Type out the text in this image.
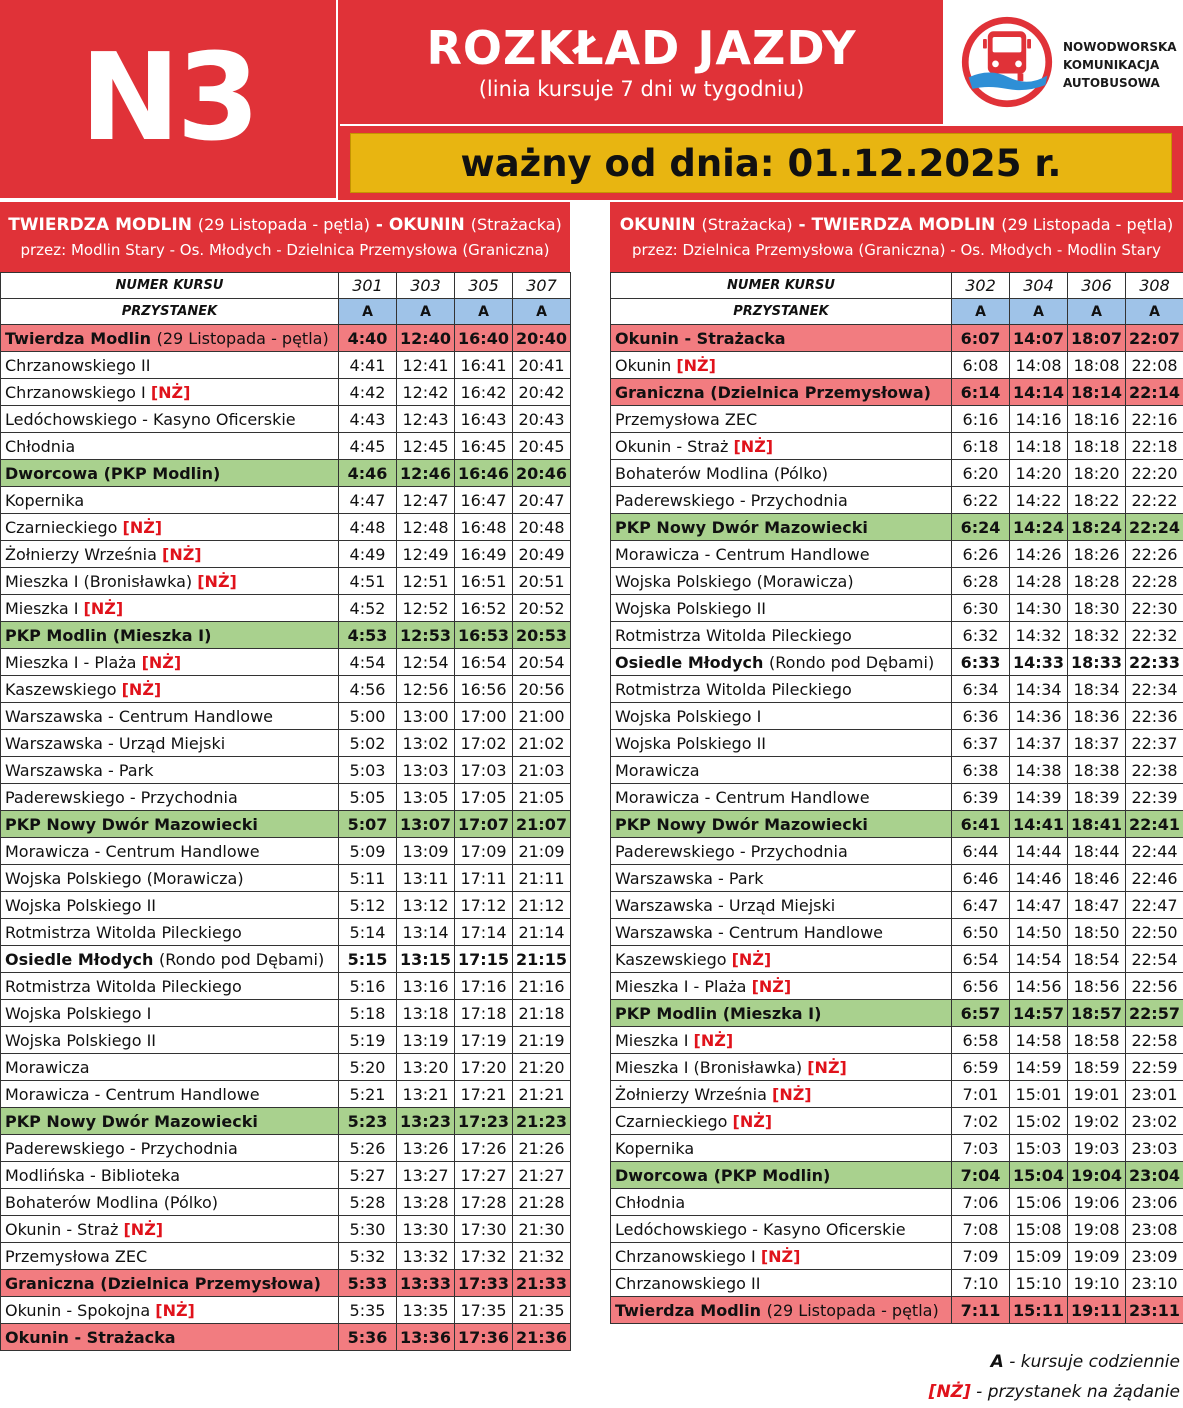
N3	ROZKŁAD JAZDY
(linia kursuje 7 dni w tygodniu)
NOWODWORSKA
KOMUNIKACJA
AUTOBUSOWA
ważny od dnia: 01.12.2025 r.
TWIERDZA MODLIN (29 Listopada - pętla) - OKUNIN (Strażacka)
przez: Modlin Stary - Os. Młodych - Dzielnica Przemysłowa (Graniczna)
OKUNIN (Strażacka) - TWIERDZA MODLIN (29 Listopada - pętla)
przez: Dzielnica Przemysłowa (Graniczna) - Os. Młodych - Modlin Stary
NUMER KURSU	301	303	305	307
PRZYSTANEK	A	A	A	A
Twierdza Modlin (29 Listopada - pętla)	4:40	12:40	16:40	20:40
Chrzanowskiego II	4:41	12:41	16:41	20:41
Chrzanowskiego I [NŻ]	4:42	12:42	16:42	20:42
Ledóchowskiego - Kasyno Oficerskie	4:43	12:43	16:43	20:43
Chłodnia	4:45	12:45	16:45	20:45
Dworcowa (PKP Modlin)	4:46	12:46	16:46	20:46
Kopernika	4:47	12:47	16:47	20:47
Czarnieckiego [NŻ]	4:48	12:48	16:48	20:48
Żołnierzy Września [NŻ]	4:49	12:49	16:49	20:49
Mieszka I (Bronisławka) [NŻ]	4:51	12:51	16:51	20:51
Mieszka I [NŻ]	4:52	12:52	16:52	20:52
PKP Modlin (Mieszka I)	4:53	12:53	16:53	20:53
Mieszka I - Plaża [NŻ]	4:54	12:54	16:54	20:54
Kaszewskiego [NŻ]	4:56	12:56	16:56	20:56
Warszawska - Centrum Handlowe	5:00	13:00	17:00	21:00
Warszawska - Urząd Miejski	5:02	13:02	17:02	21:02
Warszawska - Park	5:03	13:03	17:03	21:03
Paderewskiego - Przychodnia	5:05	13:05	17:05	21:05
PKP Nowy Dwór Mazowiecki	5:07	13:07	17:07	21:07
Morawicza - Centrum Handlowe	5:09	13:09	17:09	21:09
Wojska Polskiego (Morawicza)	5:11	13:11	17:11	21:11
Wojska Polskiego II	5:12	13:12	17:12	21:12
Rotmistrza Witolda Pileckiego	5:14	13:14	17:14	21:14
Osiedle Młodych (Rondo pod Dębami)	5:15	13:15	17:15	21:15
Rotmistrza Witolda Pileckiego	5:16	13:16	17:16	21:16
Wojska Polskiego I	5:18	13:18	17:18	21:18
Wojska Polskiego II	5:19	13:19	17:19	21:19
Morawicza	5:20	13:20	17:20	21:20
Morawicza - Centrum Handlowe	5:21	13:21	17:21	21:21
PKP Nowy Dwór Mazowiecki	5:23	13:23	17:23	21:23
Paderewskiego - Przychodnia	5:26	13:26	17:26	21:26
Modlińska - Biblioteka	5:27	13:27	17:27	21:27
Bohaterów Modlina (Pólko)	5:28	13:28	17:28	21:28
Okunin - Straż [NŻ]	5:30	13:30	17:30	21:30
Przemysłowa ZEC	5:32	13:32	17:32	21:32
Graniczna (Dzielnica Przemysłowa)	5:33	13:33	17:33	21:33
Okunin - Spokojna [NŻ]	5:35	13:35	17:35	21:35
Okunin - Strażacka	5:36	13:36	17:36	21:36
NUMER KURSU	302	304	306	308
PRZYSTANEK	A	A	A	A
Okunin - Strażacka	6:07	14:07	18:07	22:07
Okunin [NŻ]	6:08	14:08	18:08	22:08
Graniczna (Dzielnica Przemysłowa)	6:14	14:14	18:14	22:14
Przemysłowa ZEC	6:16	14:16	18:16	22:16
Okunin - Straż [NŻ]	6:18	14:18	18:18	22:18
Bohaterów Modlina (Pólko)	6:20	14:20	18:20	22:20
Paderewskiego - Przychodnia	6:22	14:22	18:22	22:22
PKP Nowy Dwór Mazowiecki	6:24	14:24	18:24	22:24
Morawicza - Centrum Handlowe	6:26	14:26	18:26	22:26
Wojska Polskiego (Morawicza)	6:28	14:28	18:28	22:28
Wojska Polskiego II	6:30	14:30	18:30	22:30
Rotmistrza Witolda Pileckiego	6:32	14:32	18:32	22:32
Osiedle Młodych (Rondo pod Dębami)	6:33	14:33	18:33	22:33
Rotmistrza Witolda Pileckiego	6:34	14:34	18:34	22:34
Wojska Polskiego I	6:36	14:36	18:36	22:36
Wojska Polskiego II	6:37	14:37	18:37	22:37
Morawicza	6:38	14:38	18:38	22:38
Morawicza - Centrum Handlowe	6:39	14:39	18:39	22:39
PKP Nowy Dwór Mazowiecki	6:41	14:41	18:41	22:41
Paderewskiego - Przychodnia	6:44	14:44	18:44	22:44
Warszawska - Park	6:46	14:46	18:46	22:46
Warszawska - Urząd Miejski	6:47	14:47	18:47	22:47
Warszawska - Centrum Handlowe	6:50	14:50	18:50	22:50
Kaszewskiego [NŻ]	6:54	14:54	18:54	22:54
Mieszka I - Plaża [NŻ]	6:56	14:56	18:56	22:56
PKP Modlin (Mieszka I)	6:57	14:57	18:57	22:57
Mieszka I [NŻ]	6:58	14:58	18:58	22:58
Mieszka I (Bronisławka) [NŻ]	6:59	14:59	18:59	22:59
Żołnierzy Września [NŻ]	7:01	15:01	19:01	23:01
Czarnieckiego [NŻ]	7:02	15:02	19:02	23:02
Kopernika	7:03	15:03	19:03	23:03
Dworcowa (PKP Modlin)	7:04	15:04	19:04	23:04
Chłodnia	7:06	15:06	19:06	23:06
Ledóchowskiego - Kasyno Oficerskie	7:08	15:08	19:08	23:08
Chrzanowskiego I [NŻ]	7:09	15:09	19:09	23:09
Chrzanowskiego II	7:10	15:10	19:10	23:10
Twierdza Modlin (29 Listopada - pętla)	7:11	15:11	19:11	23:11
A - kursuje codziennie
[NŻ] - przystanek na żądanie
